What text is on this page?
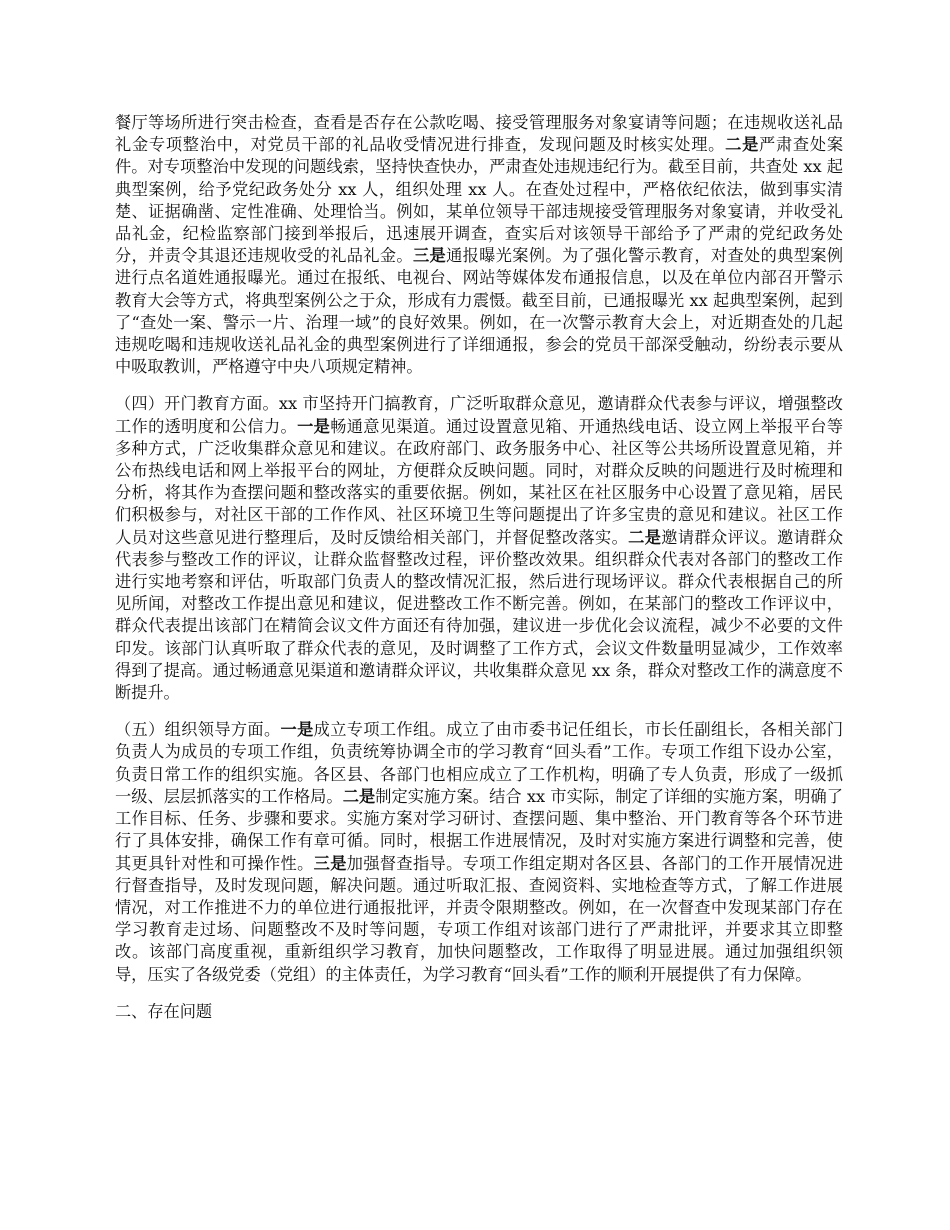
餐厅等场所进行突击检查，查看是否存在公款吃喝、接受管理服务对象宴请等问题；在违规收送礼品礼金专项整治中，对党员干部的礼品收受情况进行排查，发现问题及时核实处理。二是严肃查处案件。对专项整治中发现的问题线索，坚持快查快办，严肃查处违规违纪行为。截至目前，共查处 xx 起典型案例，给予党纪政务处分 xx 人，组织处理 xx 人。在查处过程中，严格依纪依法，做到事实清楚、证据确凿、定性准确、处理恰当。例如，某单位领导干部违规接受管理服务对象宴请，并收受礼品礼金，纪检监察部门接到举报后，迅速展开调查，查实后对该领导干部给予了严肃的党纪政务处分，并责令其退还违规收受的礼品礼金。三是通报曝光案例。为了强化警示教育，对查处的典型案例进行点名道姓通报曝光。通过在报纸、电视台、网站等媒体发布通报信息，以及在单位内部召开警示教育大会等方式，将典型案例公之于众，形成有力震慑。截至目前，已通报曝光 xx 起典型案例，起到了“查处一案、警示一片、治理一域”的良好效果。例如，在一次警示教育大会上，对近期查处的几起违规吃喝和违规收送礼品礼金的典型案例进行了详细通报，参会的党员干部深受触动，纷纷表示要从中吸取教训，严格遵守中央八项规定精神。

（四）开门教育方面。xx 市坚持开门搞教育，广泛听取群众意见，邀请群众代表参与评议，增强整改工作的透明度和公信力。一是畅通意见渠道。通过设置意见箱、开通热线电话、设立网上举报平台等多种方式，广泛收集群众意见和建议。在政府部门、政务服务中心、社区等公共场所设置意见箱，并公布热线电话和网上举报平台的网址，方便群众反映问题。同时，对群众反映的问题进行及时梳理和分析，将其作为查摆问题和整改落实的重要依据。例如，某社区在社区服务中心设置了意见箱，居民们积极参与，对社区干部的工作作风、社区环境卫生等问题提出了许多宝贵的意见和建议。社区工作人员对这些意见进行整理后，及时反馈给相关部门，并督促整改落实。二是邀请群众评议。邀请群众代表参与整改工作的评议，让群众监督整改过程，评价整改效果。组织群众代表对各部门的整改工作进行实地考察和评估，听取部门负责人的整改情况汇报，然后进行现场评议。群众代表根据自己的所见所闻，对整改工作提出意见和建议，促进整改工作不断完善。例如，在某部门的整改工作评议中，群众代表提出该部门在精简会议文件方面还有待加强，建议进一步优化会议流程，减少不必要的文件印发。该部门认真听取了群众代表的意见，及时调整了工作方式，会议文件数量明显减少，工作效率得到了提高。通过畅通意见渠道和邀请群众评议，共收集群众意见 xx 条，群众对整改工作的满意度不断提升。

（五）组织领导方面。一是成立专项工作组。成立了由市委书记任组长，市长任副组长，各相关部门负责人为成员的专项工作组，负责统筹协调全市的学习教育“回头看”工作。专项工作组下设办公室，负责日常工作的组织实施。各区县、各部门也相应成立了工作机构，明确了专人负责，形成了一级抓一级、层层抓落实的工作格局。二是制定实施方案。结合 xx 市实际，制定了详细的实施方案，明确了工作目标、任务、步骤和要求。实施方案对学习研讨、查摆问题、集中整治、开门教育等各个环节进行了具体安排，确保工作有章可循。同时，根据工作进展情况，及时对实施方案进行调整和完善，使其更具针对性和可操作性。三是加强督查指导。专项工作组定期对各区县、各部门的工作开展情况进行督查指导，及时发现问题，解决问题。通过听取汇报、查阅资料、实地检查等方式，了解工作进展情况，对工作推进不力的单位进行通报批评，并责令限期整改。例如，在一次督查中发现某部门存在学习教育走过场、问题整改不及时等问题，专项工作组对该部门进行了严肃批评，并要求其立即整改。该部门高度重视，重新组织学习教育，加快问题整改，工作取得了明显进展。通过加强组织领导，压实了各级党委（党组）的主体责任，为学习教育“回头看”工作的顺利开展提供了有力保障。

二、存在问题
